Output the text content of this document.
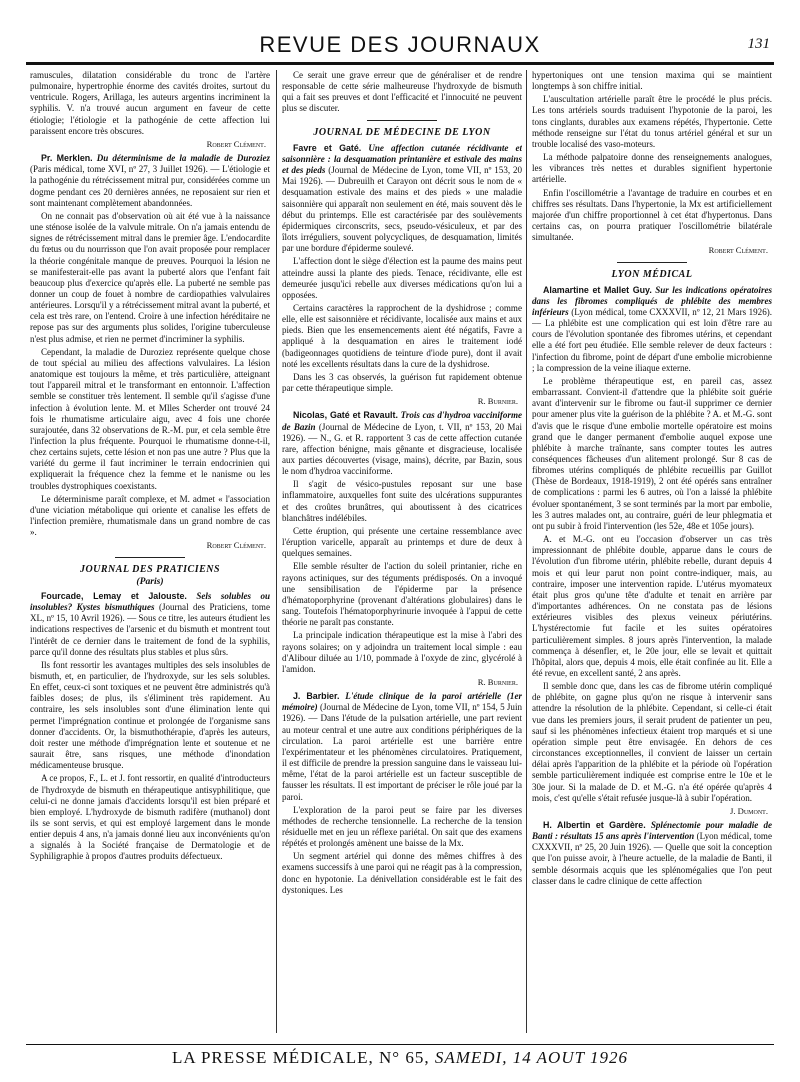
REVUE DES JOURNAUX	131

ramuscules, dilatation considérable du tronc de l'artère pulmonaire, hypertrophie énorme des cavités droites, surtout du ventricule. Rogers, Arillaga, les auteurs argentins incriminent la syphilis. V. n'a trouvé aucun argument en faveur de cette étiologie; l'étiologie et la pathogénie de cette affection lui paraissent encore très obscures.

Robert Clément.

Pr. Merklen. Du déterminisme de la maladie de Duroziez (Paris médical, tome XVI, nº 27, 3 Juillet 1926). — L'étiologie et la pathogénie du rétrécissement mitral pur, considérées comme un dogme pendant ces 20 dernières années, ne reposaient sur rien et sont maintenant complètement abandonnées.

On ne connait pas d'observation où ait été vue à la naissance une sténose isolée de la valvule mitrale. On n'a jamais entendu de signes de rétrécissement mitral dans le premier âge. L'endocardite du fœtus ou du nourrisson que l'on avait proposée pour remplacer la théorie congénitale manque de preuves. Pourquoi la lésion ne se manifesterait-elle pas avant la puberté alors que l'enfant fait beaucoup plus d'exercice qu'après elle. La puberté ne semble pas donner un coup de fouet à nombre de cardiopathies valvulaires antérieures. Lorsqu'il y a rétrécissement mitral avant la puberté, et cela est très rare, on l'entend. Croire à une infection héréditaire ne repose pas sur des arguments plus solides, l'origine tuberculeuse n'est plus admise, et rien ne permet d'incriminer la syphilis.

Cependant, la maladie de Duroziez représente quelque chose de tout spécial au milieu des affections valvulaires. La lésion anatomique est toujours la même, et très particulière, atteignant tout l'appareil mitral et le transformant en entonnoir. L'affection semble se constituer très lentement. Il semble qu'il s'agisse d'une infection à évolution lente. M. et Mlles Scherder ont trouvé 24 fois le rhumatisme articulaire aigu, avec 4 fois une chorée surajoutée, dans 32 observations de R.-M. pur, et cela semble être l'infection la plus fréquente. Pourquoi le rhumatisme donne-t-il, chez certains sujets, cette lésion et non pas une autre ? Plus que la variété du germe il faut incriminer le terrain endocrinien qui expliquerait la fréquence chez la femme et le nanisme ou les troubles dystrophiques coexistants.

Le déterminisme paraît complexe, et M. admet « l'association d'une viciation métabolique qui oriente et canalise les effets de l'infection première, rhumatismale dans un grand nombre de cas ».

Robert Clément.
JOURNAL DES PRATICIENS
(Paris)

Fourcade, Lemay et Jalouste. Sels solubles ou insolubles? Kystes bismuthiques (Journal des Praticiens, tome XL, nº 15, 10 Avril 1926). — Sous ce titre, les auteurs étudient les indications respectives de l'arsenic et du bismuth et montrent tout l'intérêt de ce dernier dans le traitement de fond de la syphilis, parce qu'il donne des résultats plus stables et plus sûrs.

Ils font ressortir les avantages multiples des sels insolubles de bismuth, et, en particulier, de l'hydroxyde, sur les sels solubles. En effet, ceux-ci sont toxiques et ne peuvent être administrés qu'à faibles doses; de plus, ils s'éliminent très rapidement. Au contraire, les sels insolubles sont d'une élimination lente qui permet l'imprégnation continue et prolongée de l'organisme sans donner d'accidents. Or, la bismuthothérapie, d'après les auteurs, doit rester une méthode d'imprégnation lente et soutenue et ne saurait être, sans risques, une méthode d'inondation médicamenteuse brusque.

A ce propos, F., L. et J. font ressortir, en qualité d'introducteurs de l'hydroxyde de bismuth en thérapeutique antisyphilitique, que celui-ci ne donne jamais d'accidents lorsqu'il est bien préparé et bien employé. L'hydroxyde de bismuth radifère (muthanol) dont ils se sont servis, et qui est employé largement dans le monde entier depuis 4 ans, n'a jamais donné lieu aux inconvénients qu'on a signalés à la Société française de Dermatologie et de Syphiligraphie à propos d'autres produits défectueux.

Ce serait une grave erreur que de généraliser et de rendre responsable de cette série malheureuse l'hydroxyde de bismuth qui a fait ses preuves et dont l'efficacité et l'innocuité ne peuvent plus se discuter.

JOURNAL DE MÉDECINE DE LYON

Favre et Gaté. Une affection cutanée récidivante et saisonnière : la desquamation printanière et estivale des mains et des pieds (Journal de Médecine de Lyon, tome VII, nº 153, 20 Mai 1926). — Dubreuilh et Carayon ont décrit sous le nom de « desquamation estivale des mains et des pieds » une maladie saisonnière qui apparaît non seulement en été, mais souvent dès le début du printemps. Elle est caractérisée par des soulèvements épidermiques circonscrits, secs, pseudo-vésiculeux, et par des îlots irréguliers, souvent polycycliques, de desquamation, limités par une bordure d'épiderme soulevé.

L'affection dont le siège d'élection est la paume des mains peut atteindre aussi la plante des pieds. Tenace, récidivante, elle est demeurée jusqu'ici rebelle aux diverses médications qu'on lui a opposées.

Certains caractères la rapprochent de la dyshidrose ; comme elle, elle est saisonnière et récidivante, localisée aux mains et aux pieds. Bien que les ensemencements aient été négatifs, Favre a appliqué à la desquamation en aires le traitement iodé (badigeonnages quotidiens de teinture d'iode pure), dont il avait noté les excellents résultats dans la cure de la dyshidrose.

Dans les 3 cas observés, la guérison fut rapidement obtenue par cette thérapeutique simple.

R. Burnier.

Nicolas, Gaté et Ravault. Trois cas d'hydroa vacciniforme de Bazin (Journal de Médecine de Lyon, t. VII, nº 153, 20 Mai 1926). — N., G. et R. rapportent 3 cas de cette affection cutanée rare, affection bénigne, mais gênante et disgracieuse, localisée aux parties découvertes (visage, mains), décrite, par Bazin, sous le nom d'hydroa vacciniforme.

Il s'agit de vésico-pustules reposant sur une base inflammatoire, auxquelles font suite des ulcérations suppurantes et des croûtes brunâtres, qui aboutissent à des cicatrices blanchâtres indélébiles.

Cette éruption, qui présente une certaine ressemblance avec l'éruption varicelle, apparaît au printemps et dure de deux à quelques semaines.

Elle semble résulter de l'action du soleil printanier, riche en rayons actiniques, sur des téguments prédisposés. On a invoqué une sensibilisation de l'épiderme par la présence d'hématoporphyrine (provenant d'altérations globulaires) dans le sang. Toutefois l'hématoporphyrinurie invoquée à l'appui de cette théorie ne paraît pas constante.

La principale indication thérapeutique est la mise à l'abri des rayons solaires; on y adjoindra un traitement local simple : eau d'Alibour diluée au 1/10, pommade à l'oxyde de zinc, glycérolé à l'amidon.

R. Burnier.

J. Barbier. L'étude clinique de la paroi artérielle (1er mémoire) (Journal de Médecine de Lyon, tome VII, nº 154, 5 Juin 1926). — Dans l'étude de la pulsation artérielle, une part revient au moteur central et une autre aux conditions périphériques de la circulation. La paroi artérielle est une barrière entre l'expérimentateur et les phénomènes circulatoires. Pratiquement, il est difficile de prendre la pression sanguine dans le vaisseau lui-même, l'état de la paroi artérielle est un facteur susceptible de fausser les résultats. Il est important de préciser le rôle joué par la paroi.

L'exploration de la paroi peut se faire par les diverses méthodes de recherche tensionnelle. La recherche de la tension résiduelle met en jeu un réflexe pariétal. On sait que des examens répétés et prolongés amènent une baisse de la Mx.

Un segment artériel qui donne des mêmes chiffres à des examens successifs à une paroi qui ne réagit pas à la compression, donc en hypotonie. La dénivellation considérable est le fait des dystoniques. Les

hypertoniques ont une tension maxima qui se maintient longtemps à son chiffre initial.

L'auscultation artérielle paraît être le procédé le plus précis. Les tons artériels sourds traduisent l'hypotonie de la paroi, les tons cinglants, durables aux examens répétés, l'hypertonie. Cette méthode renseigne sur l'état du tonus artériel général et sur un trouble localisé des vaso-moteurs.

La méthode palpatoire donne des renseignements analogues, les vibrances très nettes et durables signifient hypertonie artérielle.

Enfin l'oscillométrie a l'avantage de traduire en courbes et en chiffres ses résultats. Dans l'hypertonie, la Mx est artificiellement majorée d'un chiffre proportionnel à cet état d'hypertonus. Dans certains cas, on pourra pratiquer l'oscillométrie bilatérale simultanée.

Robert Clément.
LYON MÉDICAL

Alamartine et Mallet Guy. Sur les indications opératoires dans les fibromes compliqués de phlébite des membres inférieurs (Lyon médical, tome CXXXVII, nº 12, 21 Mars 1926). — La phlébite est une complication qui est loin d'être rare au cours de l'évolution spontanée des fibromes utérins, et cependant elle a été fort peu étudiée. Elle semble relever de deux facteurs : l'infection du fibrome, point de départ d'une embolie microbienne ; la compression de la veine iliaque externe.

Le problème thérapeutique est, en pareil cas, assez embarrassant. Convient-il d'attendre que la phlébite soit guérie avant d'intervenir sur le fibrome ou faut-il supprimer ce dernier pour amener plus vite la guérison de la phlébite ? A. et M.-G. sont d'avis que le risque d'une embolie mortelle opératoire est moins grand que le danger permanent d'embolie auquel expose une phlébite à marche traînante, sans compter toutes les autres conséquences fâcheuses d'un alitement prolongé. Sur 8 cas de fibromes utérins compliqués de phlébite recueillis par Guillot (Thèse de Bordeaux, 1918-1919), 2 ont été opérés sans entraîner de complications : parmi les 6 autres, où l'on a laissé la phlébite évoluer spontanément, 3 se sont terminés par la mort par embolie, les 3 autres malades ont, au contraire, guéri de leur phlegmatia et ont pu subir à froid l'intervention (les 52e, 48e et 105e jours).

A. et M.-G. ont eu l'occasion d'observer un cas très impressionnant de phlébite double, apparue dans le cours de l'évolution d'un fibrome utérin, phlébite rebelle, durant depuis 4 mois et qui leur parut non point contre-indiquer, mais, au contraire, imposer une intervention rapide. L'utérus myomateux était plus gros qu'une tête d'adulte et tenait en arrière par d'importantes adhérences. On ne constata pas de lésions extérieures visibles des plexus veineux périutérins. L'hystérectomie fut facile et les suites opératoires particulièrement simples. 8 jours après l'intervention, la malade commença à désenfler, et, le 20e jour, elle se levait et quittait l'hôpital, alors que, depuis 4 mois, elle était confinée au lit. Elle a été revue, en excellent santé, 2 ans après.

Il semble donc que, dans les cas de fibrome utérin compliqué de phlébite, on gagne plus qu'on ne risque à intervenir sans attendre la résolution de la phlébite. Cependant, si celle-ci était vue dans les premiers jours, il serait prudent de patienter un peu, sauf si les phénomènes infectieux étaient trop marqués et si une opération simple peut être envisagée. En dehors de ces circonstances exceptionnelles, il convient de laisser un certain délai après l'apparition de la phlébite et la période où l'opération semble particulièrement indiquée est comprise entre le 10e et le 30e jour. Si la malade de D. et M.-G. n'a été opérée qu'après 4 mois, c'est qu'elle s'était refusée jusque-là à subir l'opération.

J. Dumont.

H. Albertin et Gardère. Splénectomie pour maladie de Banti : résultats 15 ans après l'intervention (Lyon médical, tome CXXXVII, nº 25, 20 Juin 1926). — Quelle que soit la conception que l'on puisse avoir, à l'heure actuelle, de la maladie de Banti, il semble désormais acquis que les splénomégalies que l'on peut classer dans le cadre clinique de cette affection

LA PRESSE MÉDICALE, N° 65, SAMEDI, 14 AOUT 1926
